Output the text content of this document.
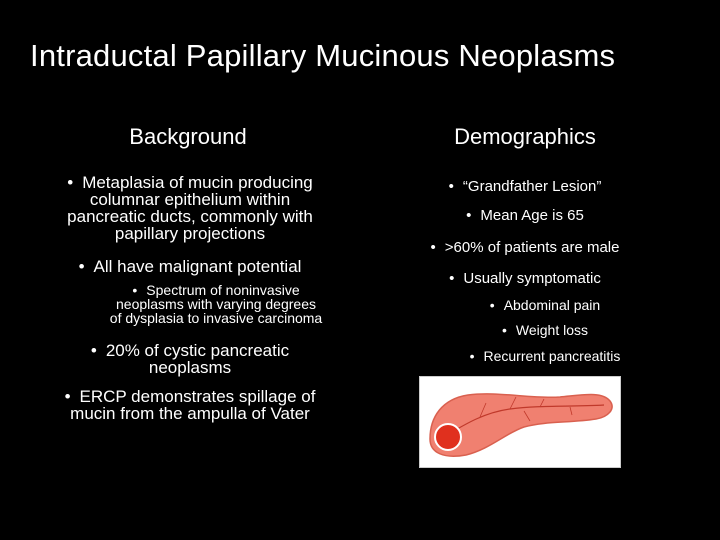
Intraductal Papillary Mucinous Neoplasms
Background	Demographics
• Metaplasia of mucin producing
columnar epithelium within
pancreatic ducts, commonly with
papillary projections
• All have malignant potential
• Spectrum of noninvasive
neoplasms with varying degrees
of dysplasia to invasive carcinoma
• 20% of cystic pancreatic
neoplasms
• ERCP demonstrates spillage of
mucin from the ampulla of Vater
• “Grandfather Lesion”
• Mean Age is 65
• >60% of patients are male
• Usually symptomatic
• Abdominal pain
• Weight loss
• Recurrent pancreatitis
